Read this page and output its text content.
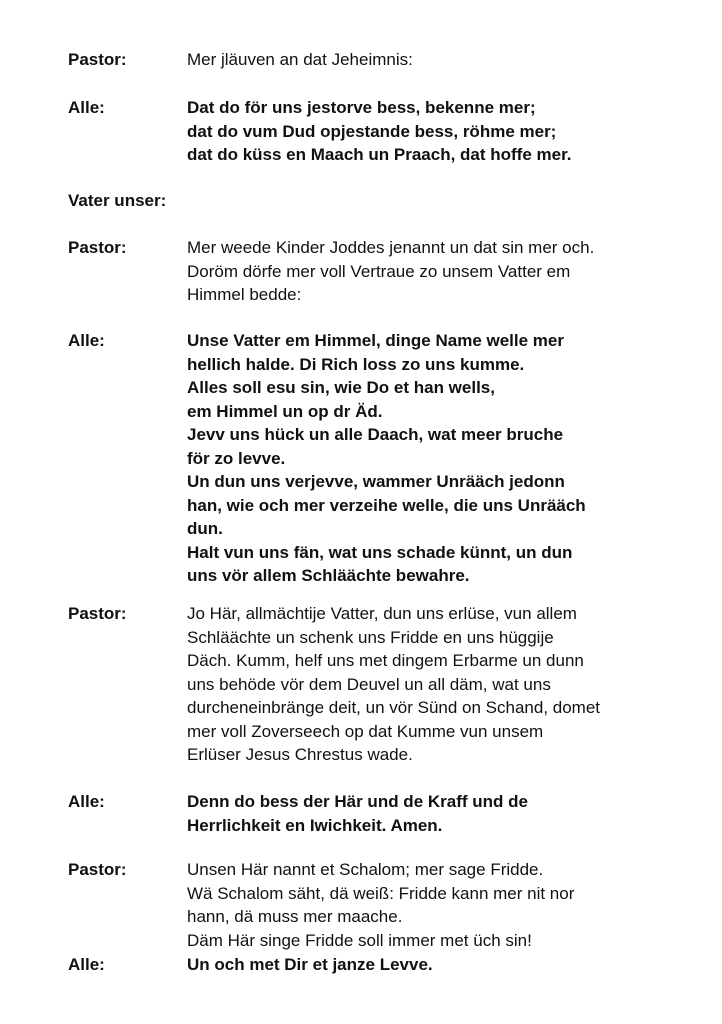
Pastor:	Mer jläuven an dat Jeheimnis:
Alle:	Dat do för uns jestorve bess, bekenne mer;
dat do vum Dud opjestande bess, röhme mer;
dat do küss en Maach un Praach, dat hoffe mer.
Vater unser:
Pastor:	Mer weede Kinder Joddes jenannt un dat sin mer och.
Doröm dörfe mer voll Vertraue zo unsem Vatter em
Himmel bedde:
Alle:	Unse Vatter em Himmel, dinge Name welle mer
hellich halde. Di Rich loss zo uns kumme.
Alles soll esu sin, wie Do et han wells,
em Himmel un op dr Äd.
Jevv uns hück un alle Daach, wat meer bruche
för zo levve.
Un dun uns verjevve, wammer Unrääch jedonn
han, wie och mer verzeihe welle, die uns Unrääch
dun.
Halt vun uns fän, wat uns schade künnt, un dun
uns vör allem Schläächte bewahre.
Pastor:	Jo Här, allmächtije Vatter, dun uns erlüse, vun allem
Schläächte un schenk uns Fridde en uns hüggije
Däch. Kumm, helf uns met dingem Erbarme un dunn
uns behöde vör dem Deuvel un all däm, wat uns
durcheneinbränge deit, un vör Sünd on Schand, domet
mer voll Zoverseech op dat Kumme vun unsem
Erlüser Jesus Chrestus wade.
Alle:	Denn do bess der Här und de Kraff und de
Herrlichkeit en Iwichkeit. Amen.
Pastor:	Unsen Här nannt et Schalom; mer sage Fridde.
Wä Schalom säht, dä weiß: Fridde kann mer nit nor
hann, dä muss mer maache.
Däm Här singe Fridde soll immer met üch sin!
Alle:	Un och met Dir et janze Levve.
